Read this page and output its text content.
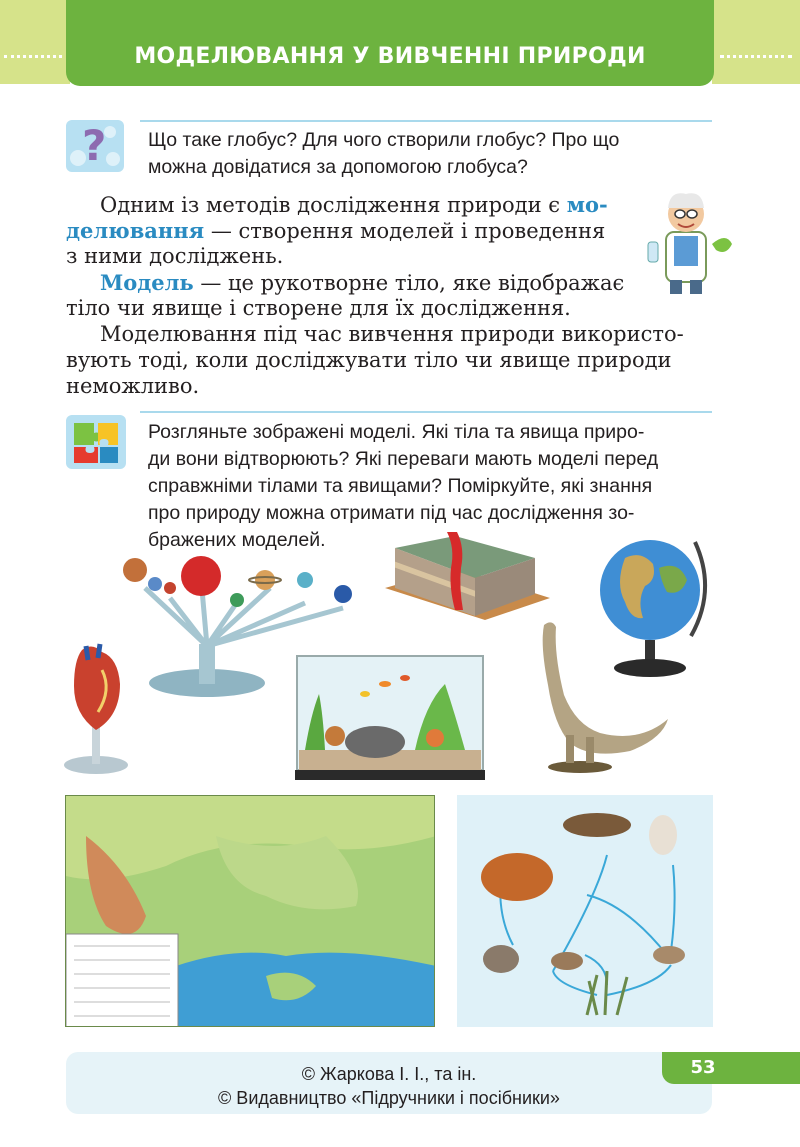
МОДЕЛЮВАННЯ У ВИВЧЕННІ ПРИРОДИ
? Що таке глобус? Для чого створили глобус? Про що
можна довідатися за допомогою глобуса?
Одним із методів дослідження природи є мо-
делювання — створення моделей і проведення
з ними досліджень.
Модель — це рукотворне тіло, яке відображає
тіло чи явище і створене для їх дослідження.
Моделювання під час вивчення природи використо-
вують тоді, коли досліджувати тіло чи явище природи
неможливо.
Розгляньте зображені моделі. Які тіла та явища приро-
ди вони відтворюють? Які переваги мають моделі перед
справжніми тілами та явищами? Поміркуйте, які знання
про природу можна отримати під час дослідження зо-
бражених моделей.
© Жаркова І. І., та ін.
© Видавництво «Підручники і посібники»
53
